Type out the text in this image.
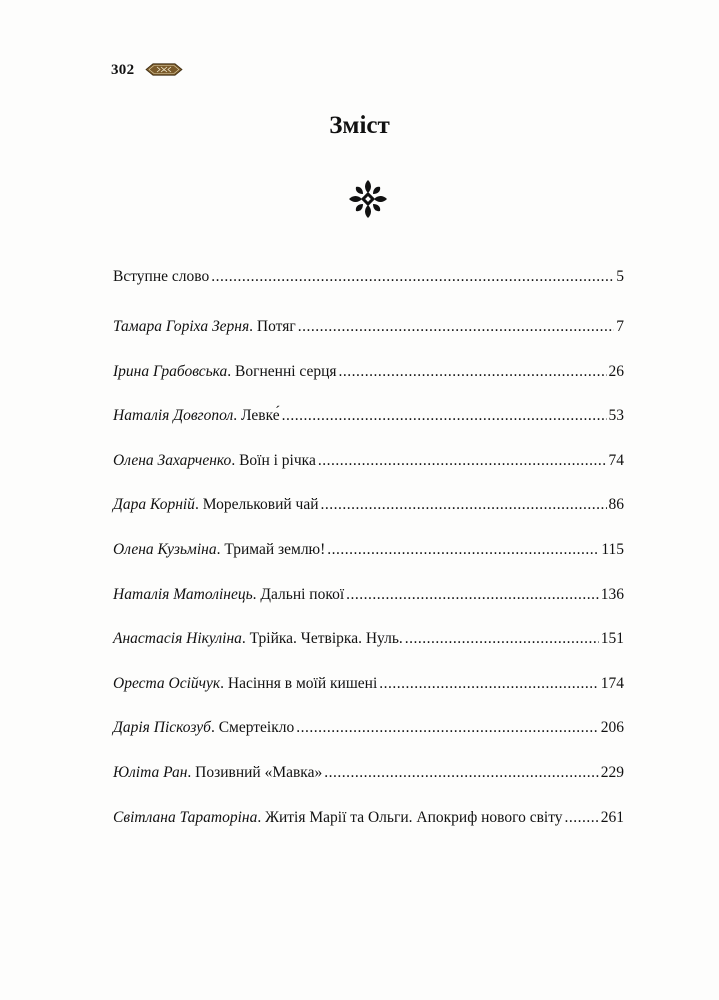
302
Зміст
Вступне слово .....	5
Тамара Горіха Зерня. Потяг .....	7
Ірина Грабовська. Вогненні серця .....	26
Наталія Довгопол. Левке́ .....	53
Олена Захарченко. Воїн і річка .....	74
Дара Корній. Морельковий чай .....	86
Олена Кузьміна. Тримай землю! .....	115
Наталія Матолінець. Дальні покої .....	136
Анастасія Нікуліна. Трійка. Четвірка. Нуль. .....	151
Ореста Осійчук. Насіння в моїй кишені .....	174
Дарія Піскозуб. Смертеікло .....	206
Юліта Ран. Позивний «Мавка» .....	229
Світлана Тараторіна. Житія Марії та Ольги. Апокриф нового світу ..... 261
